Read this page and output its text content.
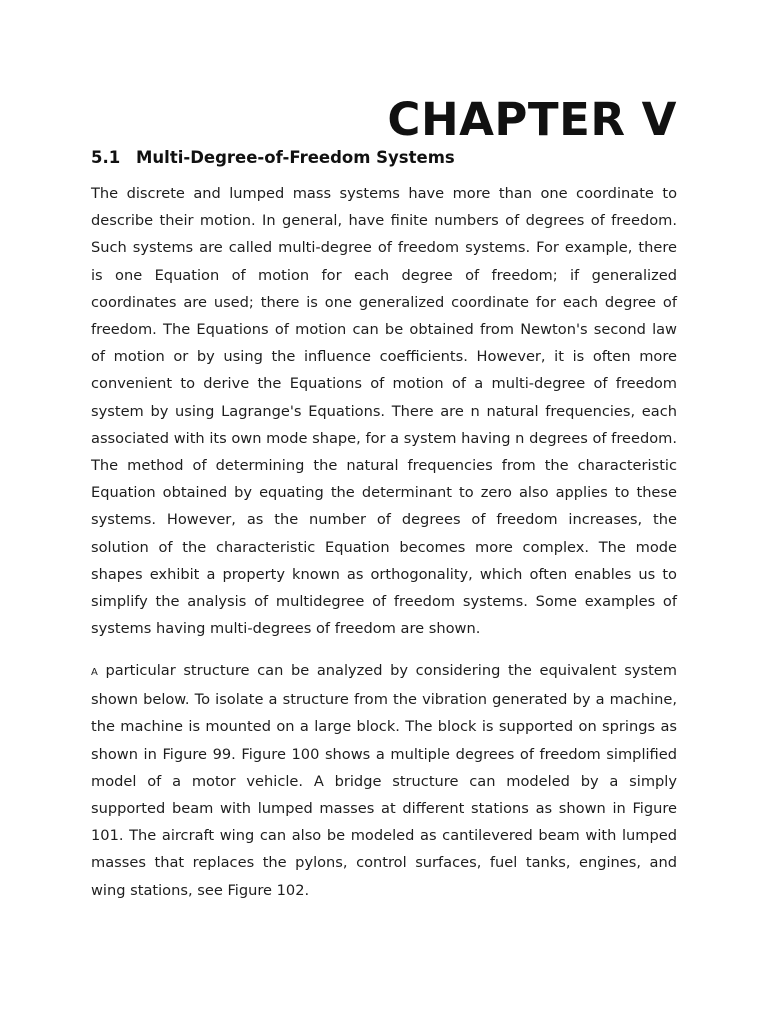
CHAPTER V
5.1 Multi-Degree-of-Freedom Systems

The discrete and lumped mass systems have more than one coordinate to describe their motion. In general, have finite numbers of degrees of freedom. Such systems are called multi-degree of freedom systems. For example, there is one Equation of motion for each degree of freedom; if generalized coordinates are used; there is one generalized coordinate for each degree of freedom. The Equations of motion can be obtained from Newton's second law of motion or by using the influence coefficients. However, it is often more convenient to derive the Equations of motion of a multi-degree of freedom system by using Lagrange's Equations. There are n natural frequencies, each associated with its own mode shape, for a system having n degrees of freedom. The method of determining the natural frequencies from the characteristic Equation obtained by equating the determinant to zero also applies to these systems. However, as the number of degrees of freedom increases, the solution of the characteristic Equation becomes more complex. The mode shapes exhibit a property known as orthogonality, which often enables us to simplify the analysis of multidegree of freedom systems. Some examples of systems having multi-degrees of freedom are shown.

A particular structure can be analyzed by considering the equivalent system shown below. To isolate a structure from the vibration generated by a machine, the machine is mounted on a large block. The block is supported on springs as shown in Figure 99. Figure 100 shows a multiple degrees of freedom simplified model of a motor vehicle. A bridge structure can modeled by a simply supported beam with lumped masses at different stations as shown in Figure 101. The aircraft wing can also be modeled as cantilevered beam with lumped masses that replaces the pylons, control surfaces, fuel tanks, engines, and wing stations, see Figure 102.
